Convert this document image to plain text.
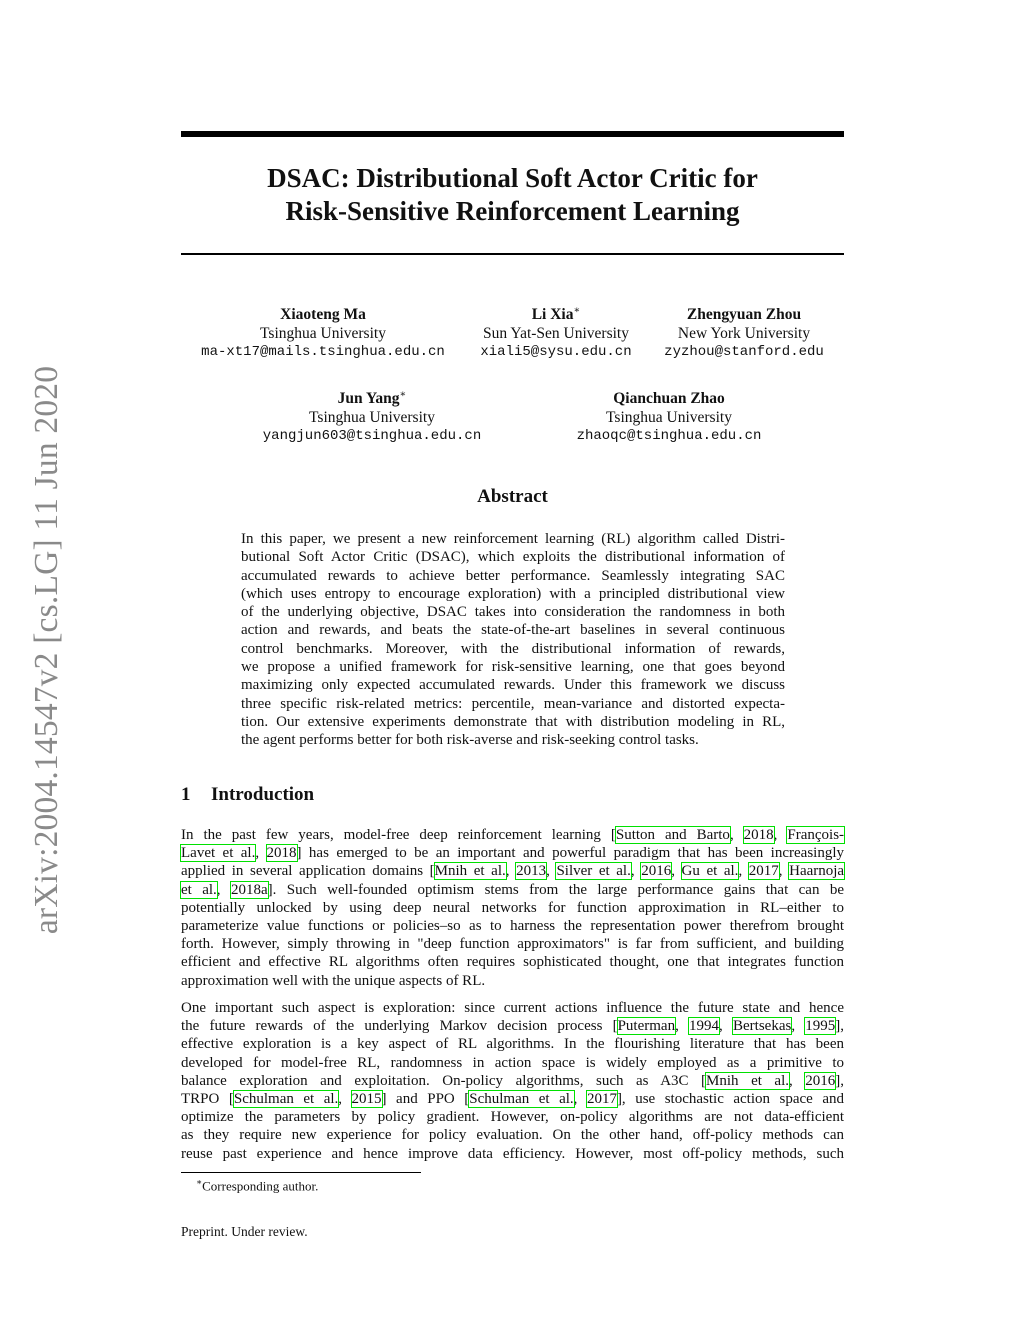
arXiv:2004.14547v2 [cs.LG] 11 Jun 2020
DSAC: Distributional Soft Actor Critic for
Risk-Sensitive Reinforcement Learning
Xiaoteng Ma
Tsinghua University
ma-xt17@mails.tsinghua.edu.cn
Li Xia∗
Sun Yat-Sen University
xiali5@sysu.edu.cn
Zhengyuan Zhou
New York University
zyzhou@stanford.edu
Jun Yang∗
Tsinghua University
yangjun603@tsinghua.edu.cn
Qianchuan Zhao
Tsinghua University
zhaoqc@tsinghua.edu.cn
Abstract
In this paper, we present a new reinforcement learning (RL) algorithm called Distri-
butional Soft Actor Critic (DSAC), which exploits the distributional information of
accumulated rewards to achieve better performance. Seamlessly integrating SAC
(which uses entropy to encourage exploration) with a principled distributional view
of the underlying objective, DSAC takes into consideration the randomness in both
action and rewards, and beats the state-of-the-art baselines in several continuous
control benchmarks. Moreover, with the distributional information of rewards,
we propose a unified framework for risk-sensitive learning, one that goes beyond
maximizing only expected accumulated rewards. Under this framework we discuss
three specific risk-related metrics: percentile, mean-variance and distorted expecta-
tion. Our extensive experiments demonstrate that with distribution modeling in RL,
the agent performs better for both risk-averse and risk-seeking control tasks.
1 Introduction
In the past few years, model-free deep reinforcement learning [Sutton and Barto, 2018, François-
Lavet et al., 2018] has emerged to be an important and powerful paradigm that has been increasingly
applied in several application domains [Mnih et al., 2013, Silver et al., 2016, Gu et al., 2017, Haarnoja
et al., 2018a]. Such well-founded optimism stems from the large performance gains that can be
potentially unlocked by using deep neural networks for function approximation in RL–either to
parameterize value functions or policies–so as to harness the representation power therefrom brought
forth. However, simply throwing in "deep function approximators" is far from sufficient, and building
efficient and effective RL algorithms often requires sophisticated thought, one that integrates function
approximation well with the unique aspects of RL.
One important such aspect is exploration: since current actions influence the future state and hence
the future rewards of the underlying Markov decision process [Puterman, 1994, Bertsekas, 1995],
effective exploration is a key aspect of RL algorithms. In the flourishing literature that has been
developed for model-free RL, randomness in action space is widely employed as a primitive to
balance exploration and exploitation. On-policy algorithms, such as A3C [Mnih et al., 2016],
TRPO [Schulman et al., 2015] and PPO [Schulman et al., 2017], use stochastic action space and
optimize the parameters by policy gradient. However, on-policy algorithms are not data-efficient
as they require new experience for policy evaluation. On the other hand, off-policy methods can
reuse past experience and hence improve data efficiency. However, most off-policy methods, such
∗Corresponding author.
Preprint. Under review.
